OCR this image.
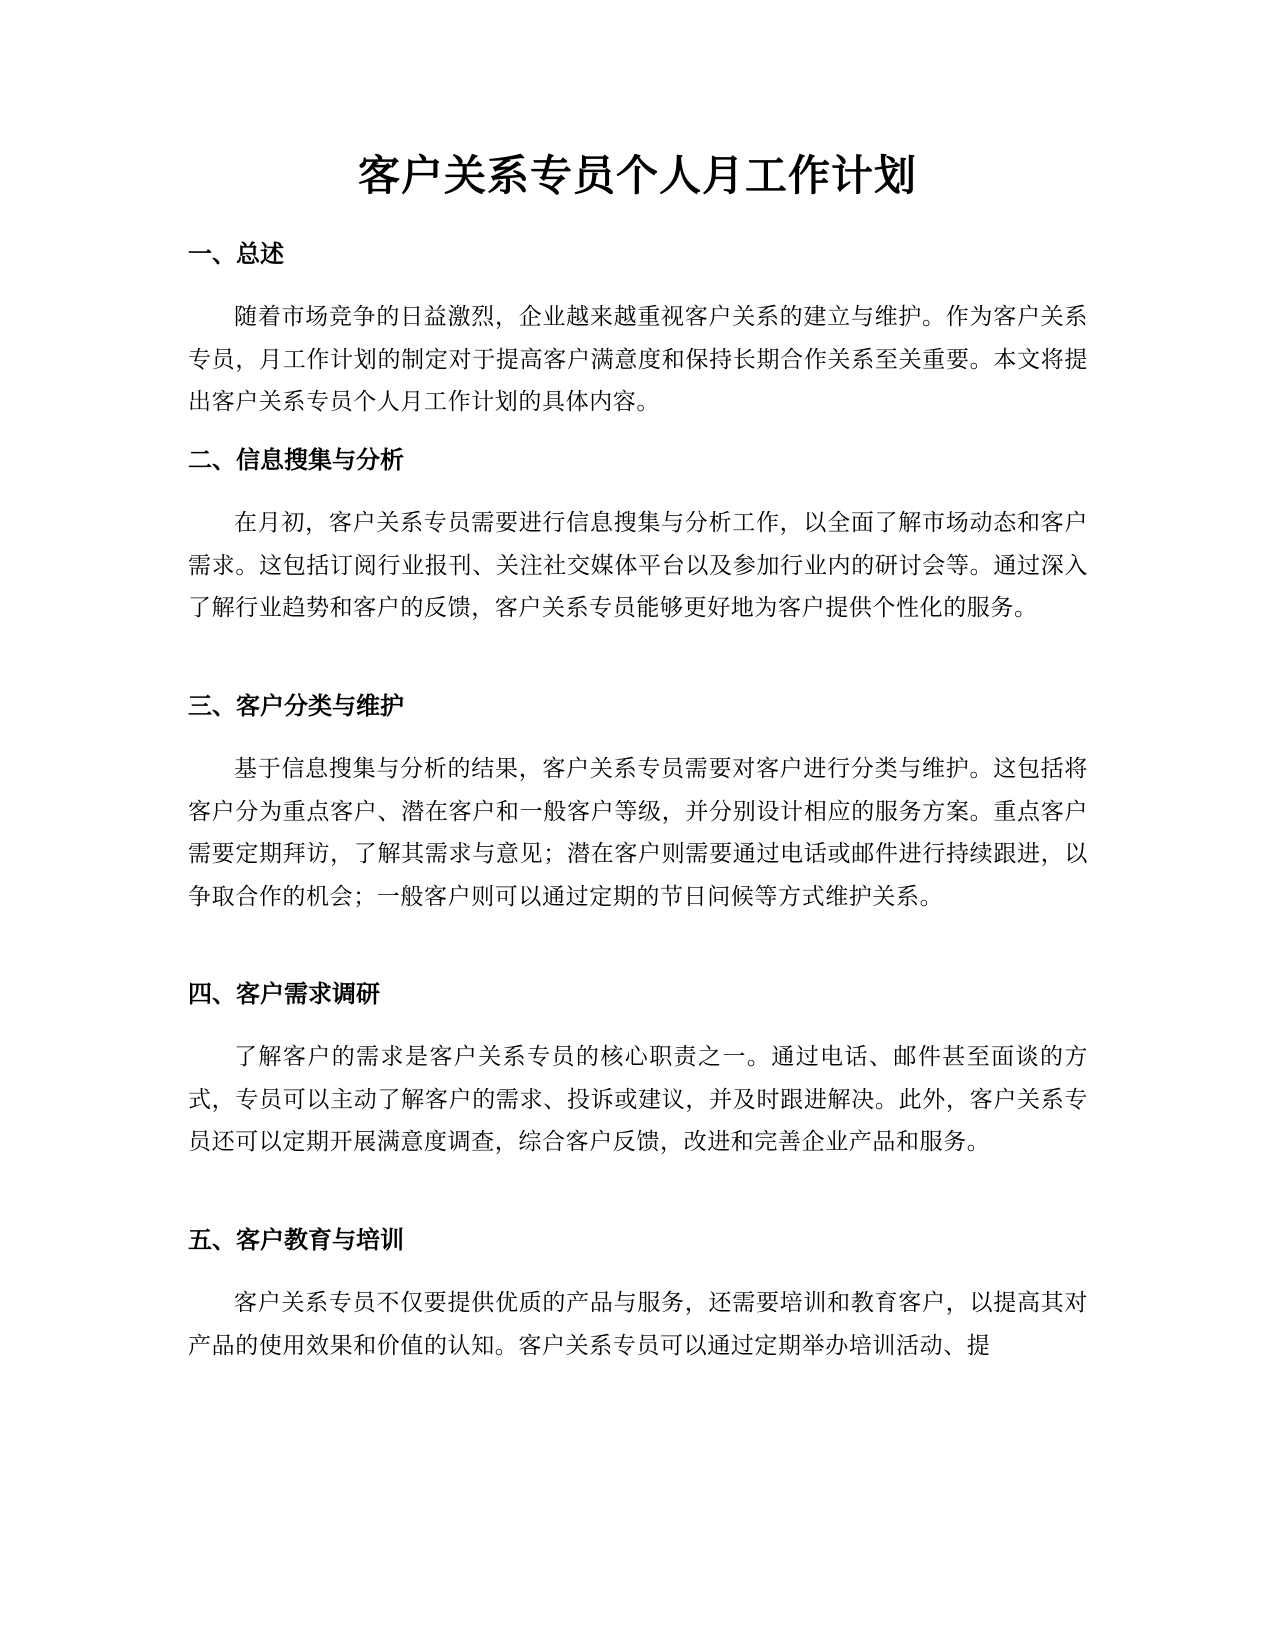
客户关系专员个人月工作计划
一、总述

随着市场竞争的日益激烈，企业越来越重视客户关系的建立与维护。作为客户关系专员，月工作计划的制定对于提高客户满意度和保持长期合作关系至关重要。本文将提出客户关系专员个人月工作计划的具体内容。

二、信息搜集与分析

在月初，客户关系专员需要进行信息搜集与分析工作，以全面了解市场动态和客户需求。这包括订阅行业报刊、关注社交媒体平台以及参加行业内的研讨会等。通过深入了解行业趋势和客户的反馈，客户关系专员能够更好地为客户提供个性化的服务。

三、客户分类与维护

基于信息搜集与分析的结果，客户关系专员需要对客户进行分类与维护。这包括将客户分为重点客户、潜在客户和一般客户等级，并分别设计相应的服务方案。重点客户需要定期拜访，了解其需求与意见；潜在客户则需要通过电话或邮件进行持续跟进，以争取合作的机会；一般客户则可以通过定期的节日问候等方式维护关系。

四、客户需求调研

了解客户的需求是客户关系专员的核心职责之一。通过电话、邮件甚至面谈的方式，专员可以主动了解客户的需求、投诉或建议，并及时跟进解决。此外，客户关系专员还可以定期开展满意度调查，综合客户反馈，改进和完善企业产品和服务。

五、客户教育与培训

客户关系专员不仅要提供优质的产品与服务，还需要培训和教育客户，以提高其对产品的使用效果和价值的认知。客户关系专员可以通过定期举办培训活动、提
